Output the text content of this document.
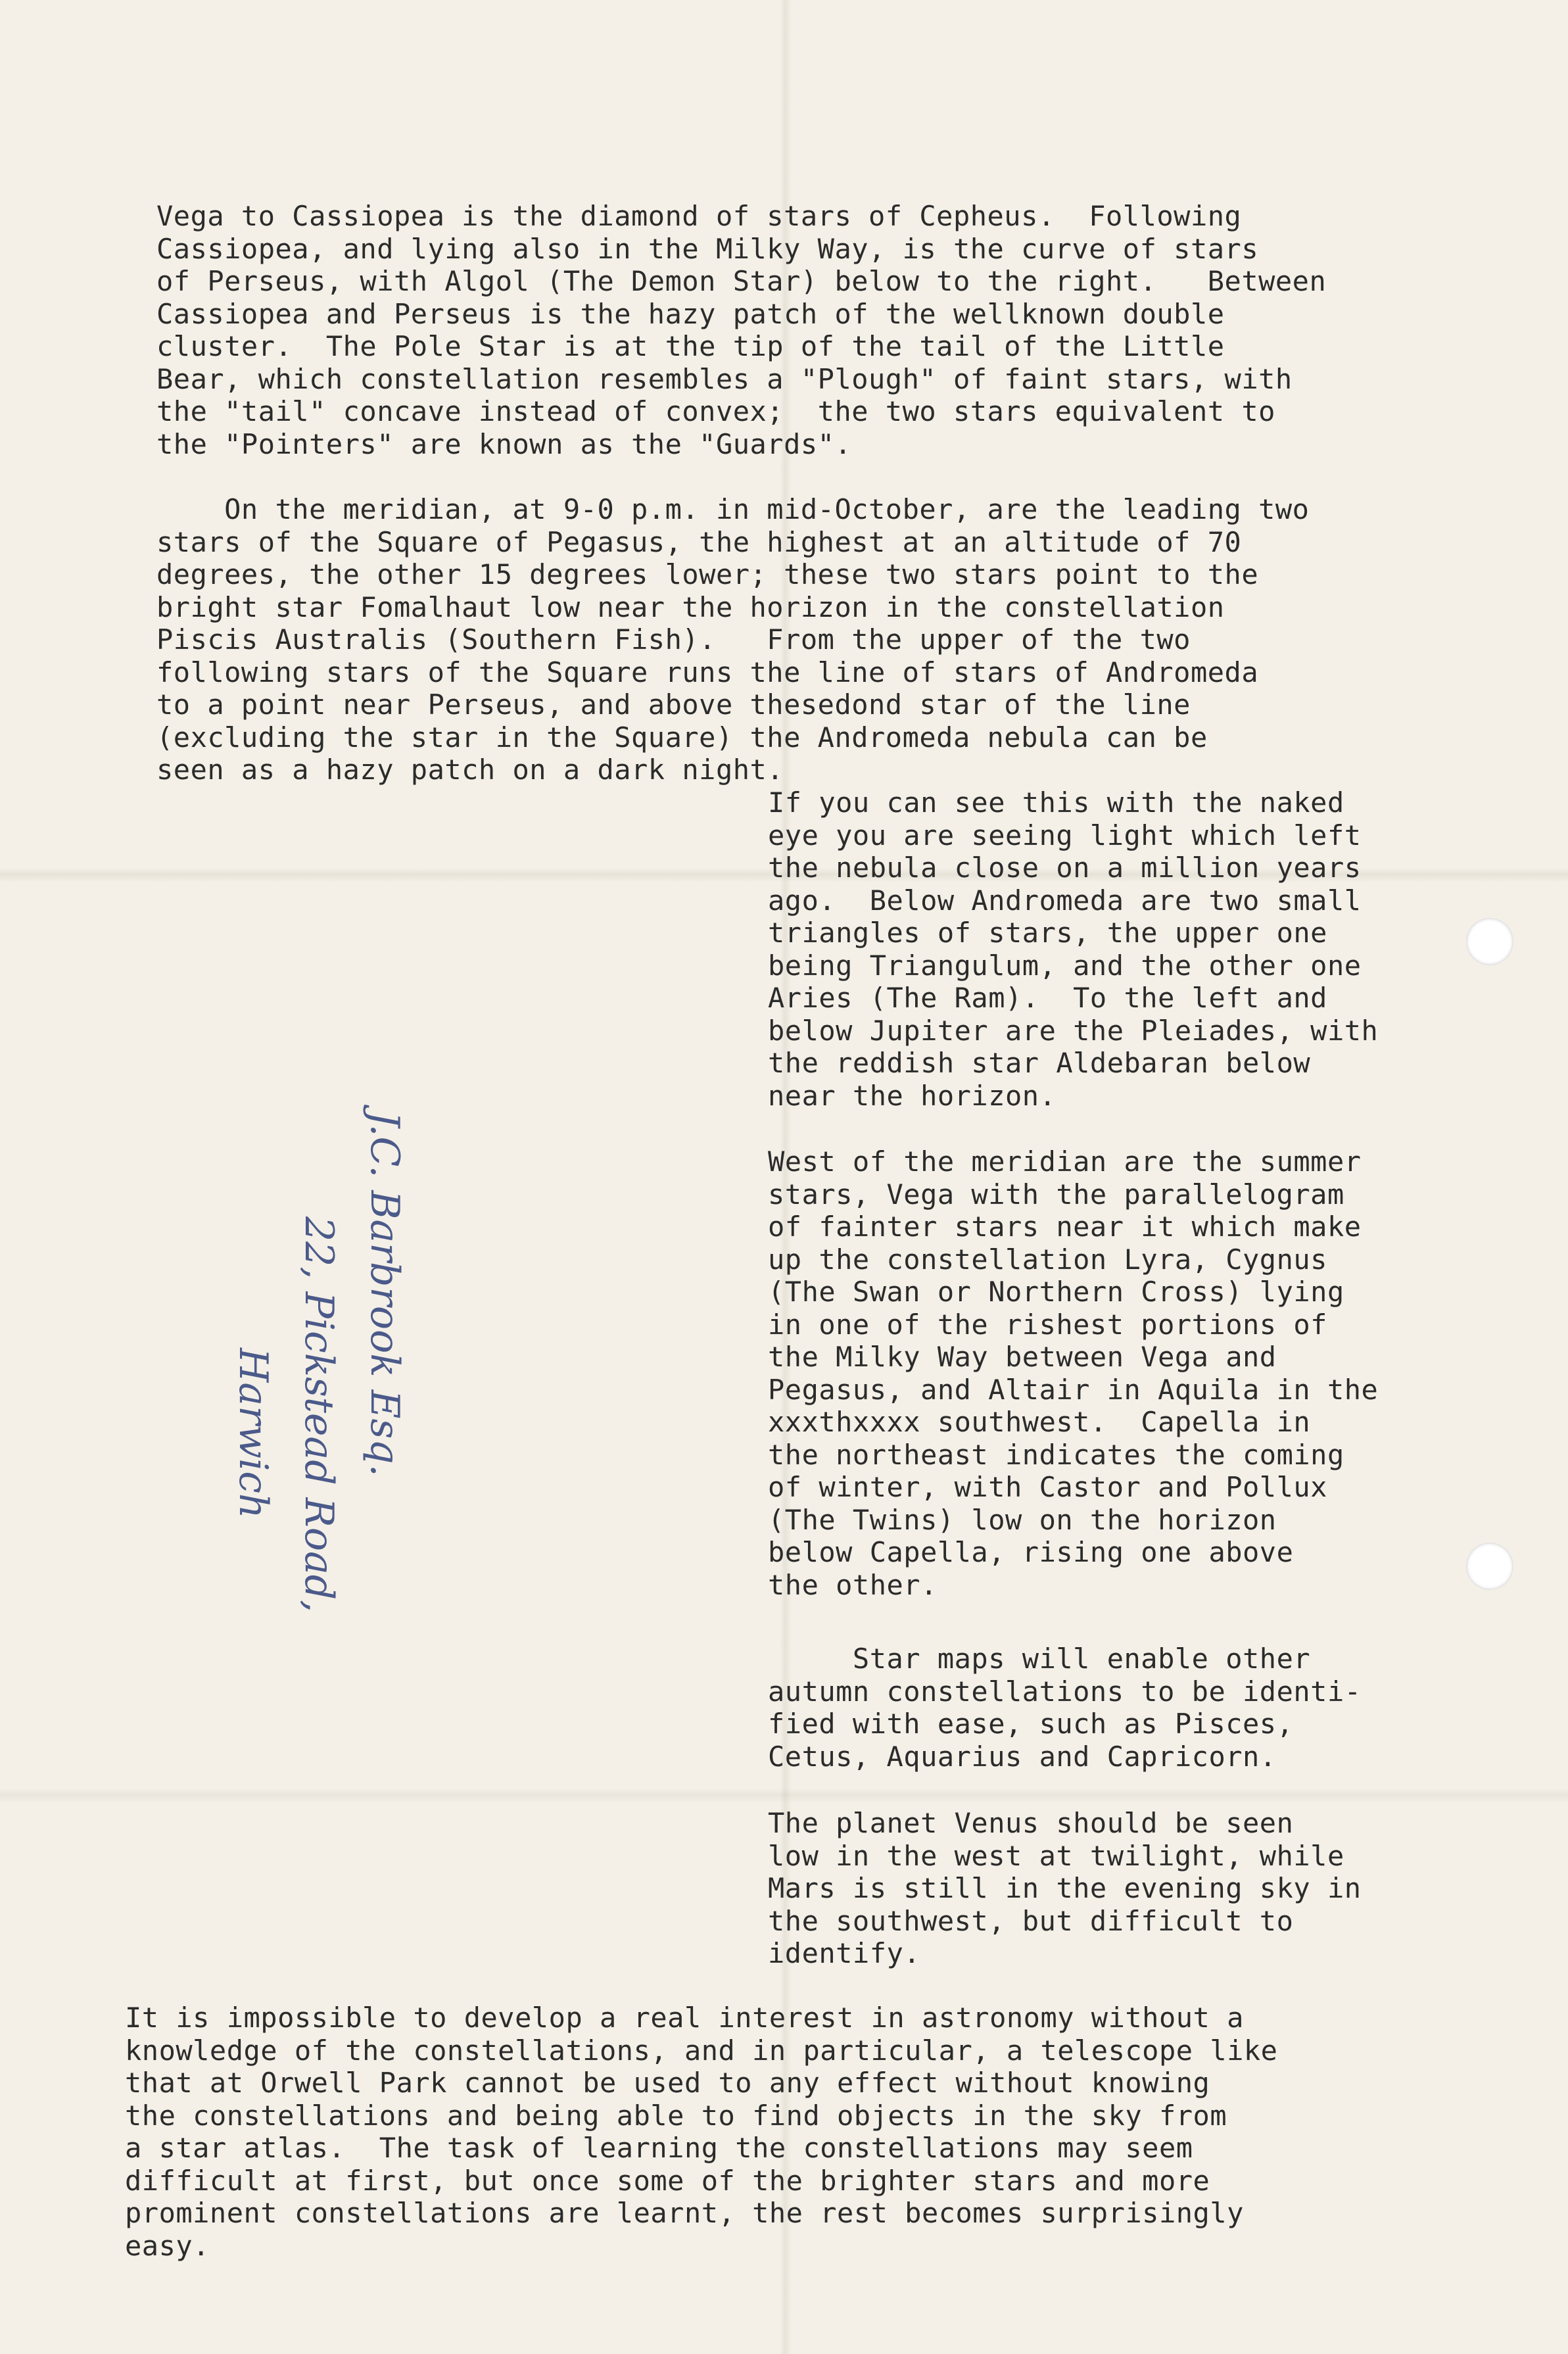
Vega to Cassiopea is the diamond of stars of Cepheus.  Following
Cassiopea, and lying also in the Milky Way, is the curve of stars
of Perseus, with Algol (The Demon Star) below to the right.   Between
Cassiopea and Perseus is the hazy patch of the wellknown double
cluster.  The Pole Star is at the tip of the tail of the Little
Bear, which constellation resembles a "Plough" of faint stars, with
the "tail" concave instead of convex;  the two stars equivalent to
the "Pointers" are known as the "Guards".

On the meridian, at 9-0 p.m. in mid-October, are the leading two
stars of the Square of Pegasus, the highest at an altitude of 70
degrees, the other 15 degrees lower; these two stars point to the
bright star Fomalhaut low near the horizon in the constellation
Piscis Australis (Southern Fish).   From the upper of the two
following stars of the Square runs the line of stars of Andromeda
to a point near Perseus, and above thesedond star of the line
(excluding the star in the Square) the Andromeda nebula can be
seen as a hazy patch on a dark night.

If you can see this with the naked
eye you are seeing light which left
the nebula close on a million years
ago.  Below Andromeda are two small
triangles of stars, the upper one
being Triangulum, and the other one
Aries (The Ram).  To the left and
below Jupiter are the Pleiades, with
the reddish star Aldebaran below
near the horizon.

West of the meridian are the summer
stars, Vega with the parallelogram
of fainter stars near it which make
up the constellation Lyra, Cygnus
(The Swan or Northern Cross) lying
in one of the rishest portions of
the Milky Way between Vega and
Pegasus, and Altair in Aquila in the
xxxthxxxx southwest.  Capella in
the northeast indicates the coming
of winter, with Castor and Pollux
(The Twins) low on the horizon
below Capella, rising one above
the other.

Star maps will enable other
autumn constellations to be identi-
fied with ease, such as Pisces,
Cetus, Aquarius and Capricorn.

The planet Venus should be seen
low in the west at twilight, while
Mars is still in the evening sky in
the southwest, but difficult to
identify.

It is impossible to develop a real interest in astronomy without a
knowledge of the constellations, and in particular, a telescope like
that at Orwell Park cannot be used to any effect without knowing
the constellations and being able to find objects in the sky from
a star atlas.  The task of learning the constellations may seem
difficult at first, but once some of the brighter stars and more
prominent constellations are learnt, the rest becomes surprisingly
easy.

J.C. Barbrook Esq.
22, Pickstead Road,
Harwich
